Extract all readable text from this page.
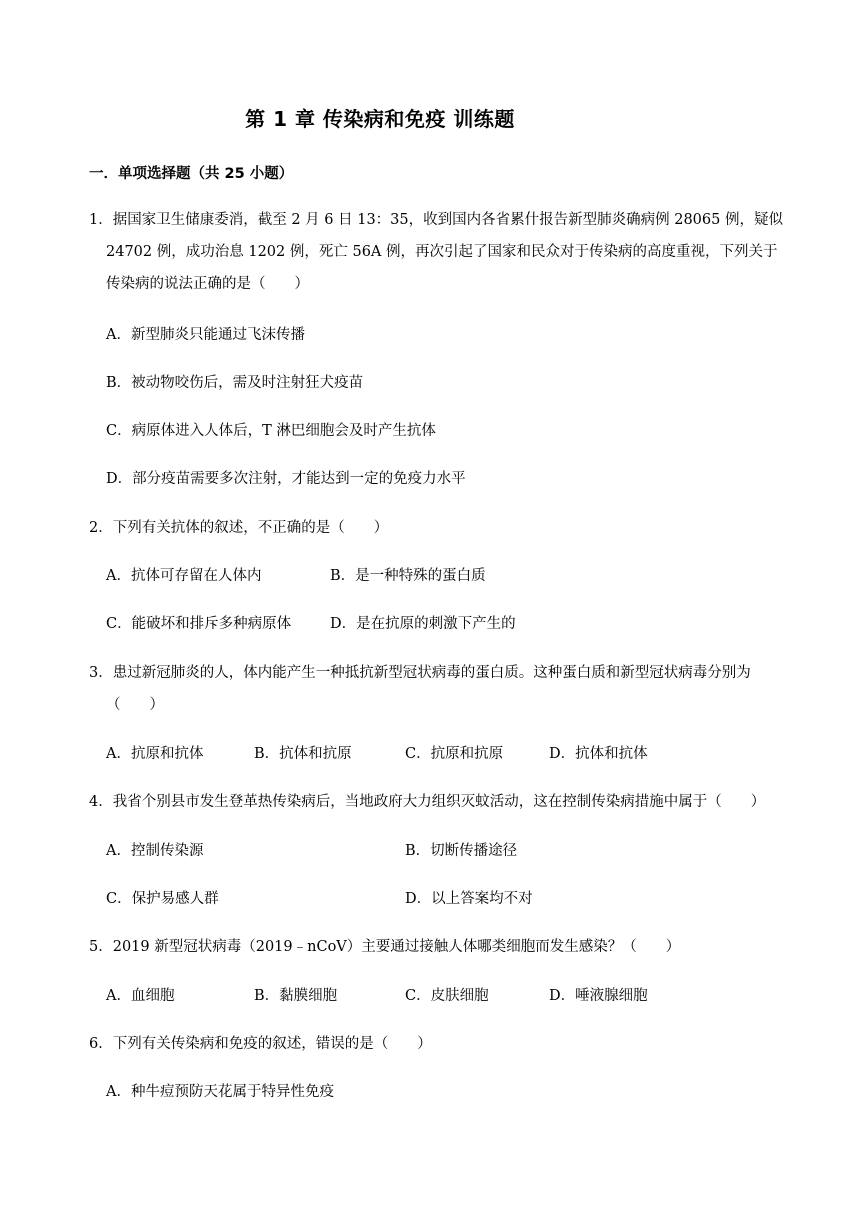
第 1 章 传染病和免疫 训练题
一．单项选择题（共 25 小题）
1．据国家卫生储康委消，截至 2 月 6 日 13：35，收到国内各省累什报告新型肺炎确病例 28065 例，疑似
24702 例，成功治息 1202 例，死亡 56A 例，再次引起了国家和民众对于传染病的高度重视，下列关于
传染病的说法正确的是（　　）
A．新型肺炎只能通过飞沫传播
B．被动物咬伤后，需及时注射狂犬疫苗
C．病原体进入人体后，T 淋巴细胞会及时产生抗体
D．部分疫苗需要多次注射，才能达到一定的免疫力水平
2．下列有关抗体的叙述，不正确的是（　　）
A．抗体可存留在人体内	B．是一种特殊的蛋白质
C．能破坏和排斥多种病原体	D．是在抗原的刺激下产生的
3．患过新冠肺炎的人，体内能产生一种抵抗新型冠状病毒的蛋白质。这种蛋白质和新型冠状病毒分别为
（　　）
A．抗原和抗体	B．抗体和抗原	C．抗原和抗原	D．抗体和抗体
4．我省个别县市发生登革热传染病后，当地政府大力组织灭蚊活动，这在控制传染病措施中属于（　　）
A．控制传染源	B．切断传播途径
C．保护易感人群	D．以上答案均不对
5．2019 新型冠状病毒（2019﹣nCoV）主要通过接触人体哪类细胞而发生感染？（　　）
A．血细胞	B．黏膜细胞	C．皮肤细胞	D．唾液腺细胞
6．下列有关传染病和免疫的叙述，错误的是（　　）
A．种牛痘预防天花属于特异性免疫
